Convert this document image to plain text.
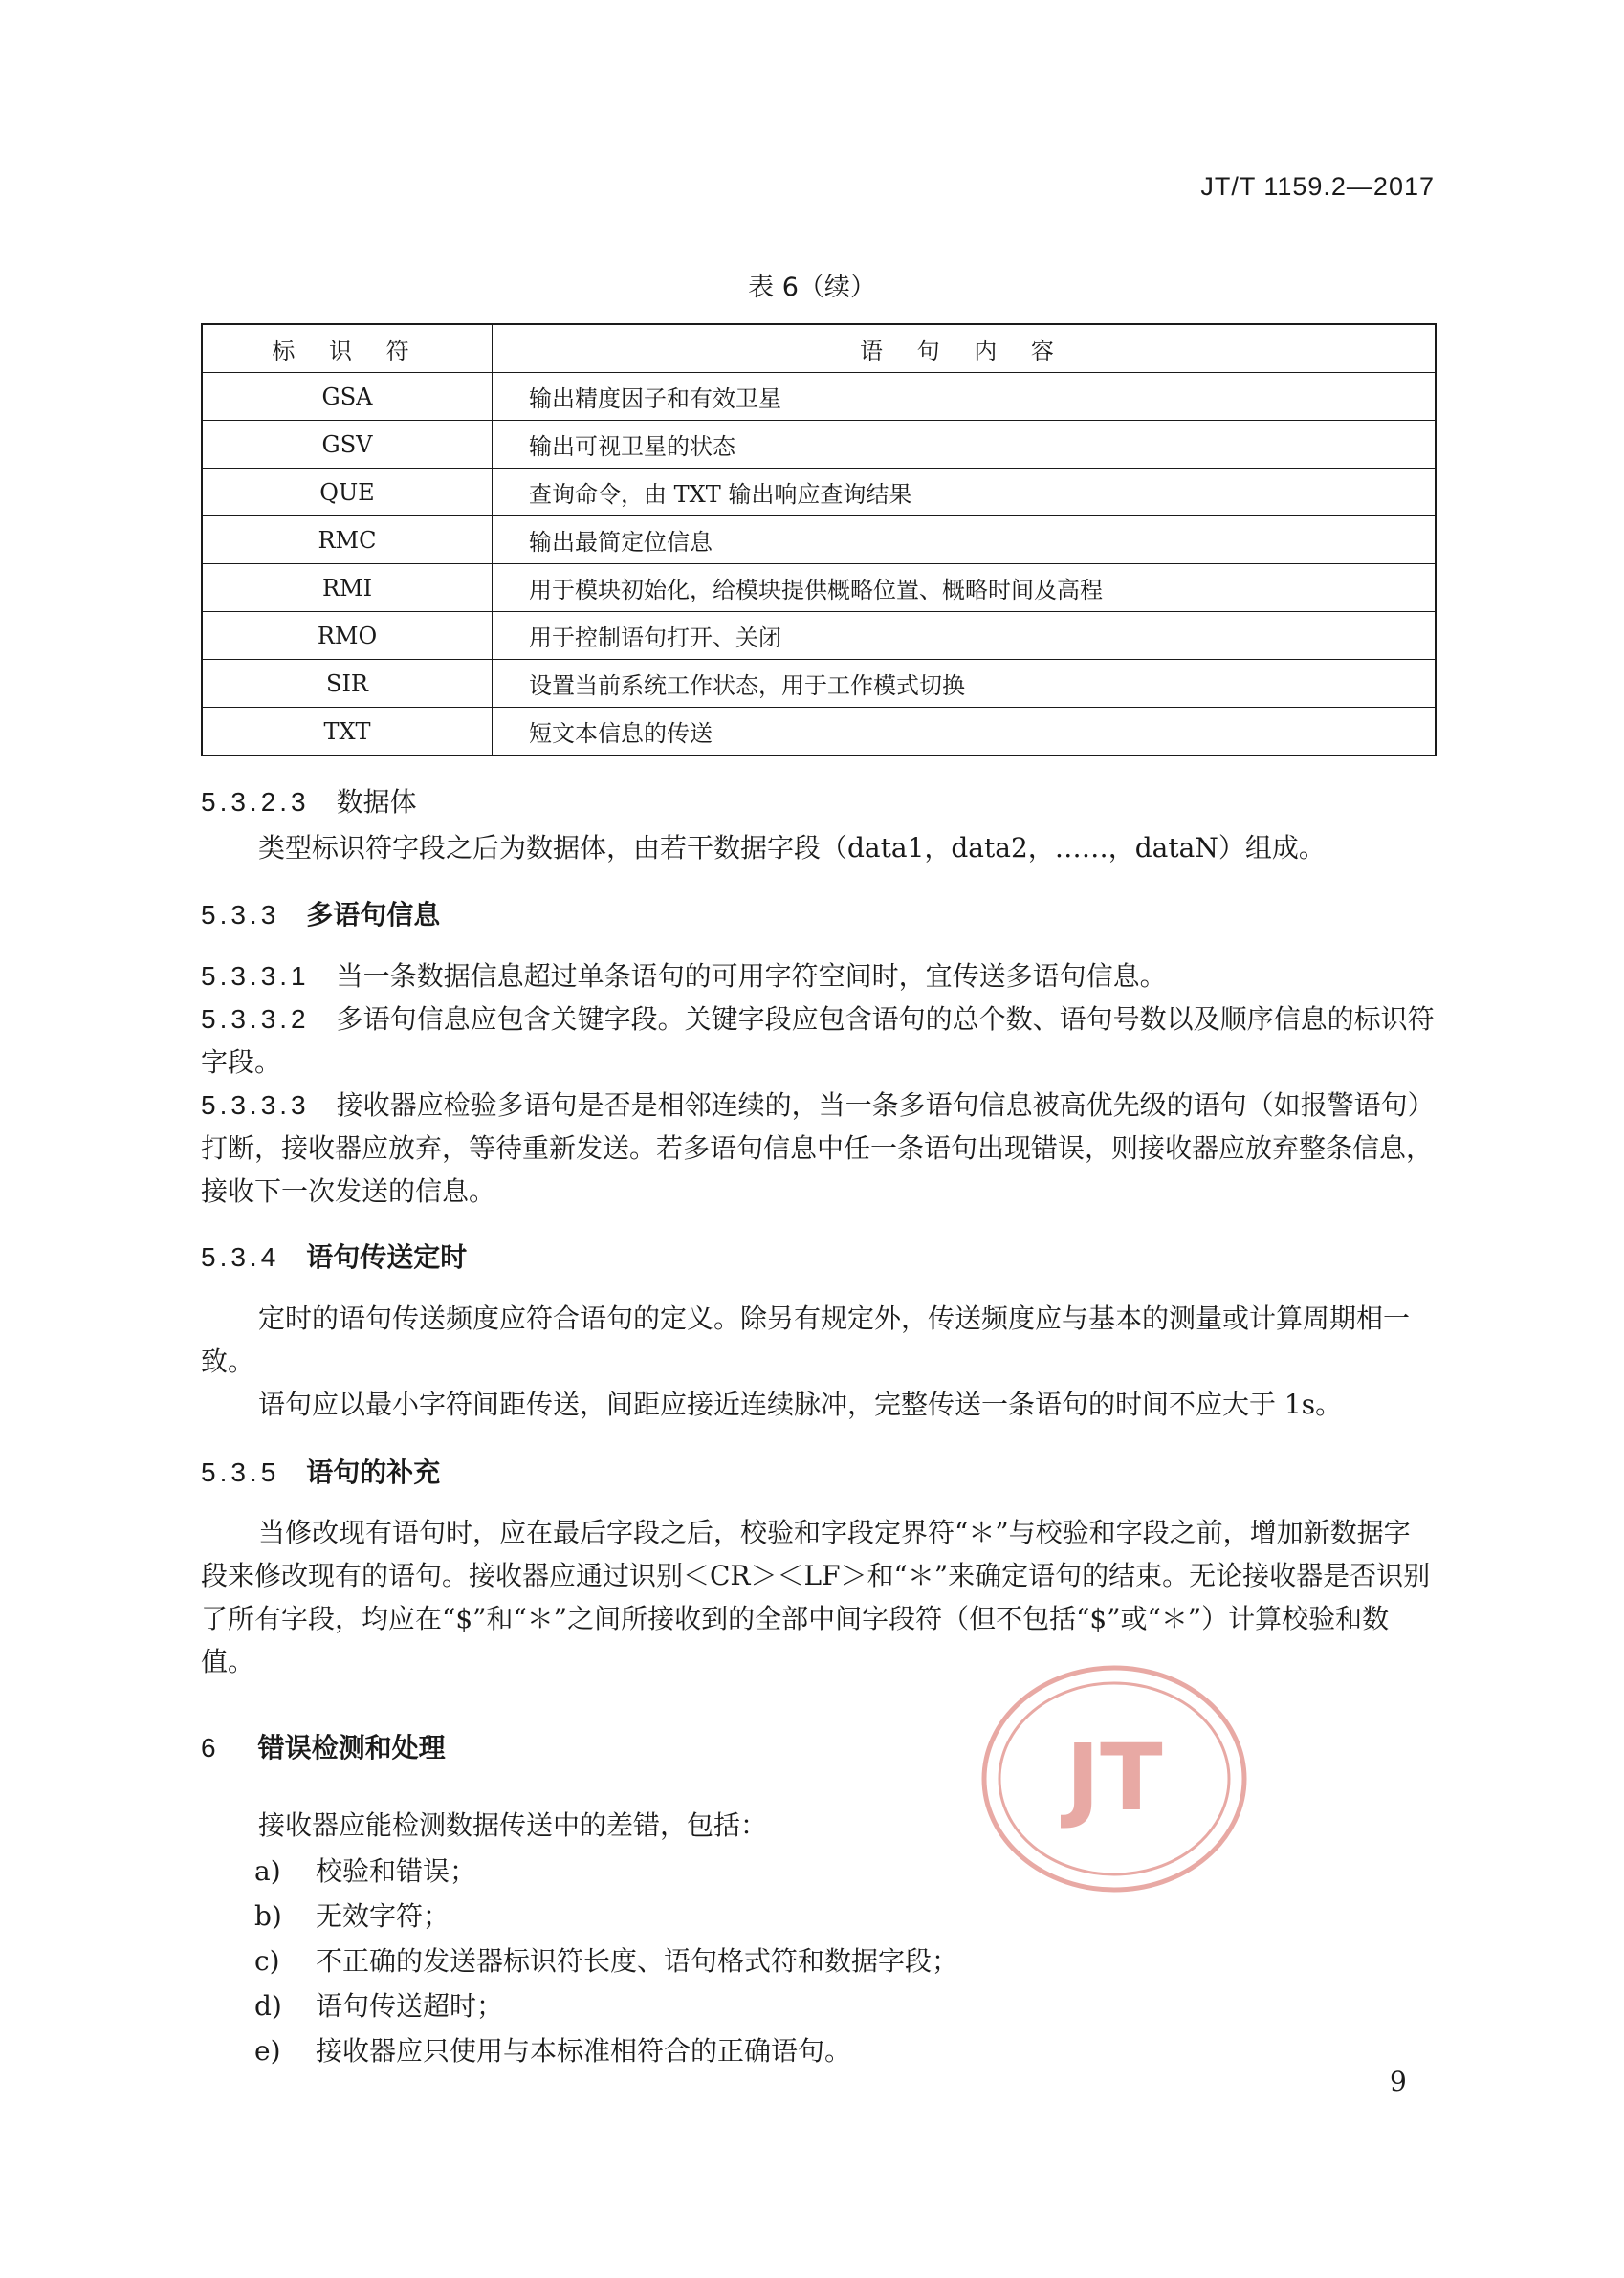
JT/T 1159.2—2017
表 6（续）
标 识 符	语 句 内 容
GSA	输出精度因子和有效卫星
GSV	输出可视卫星的状态
QUE	查询命令，由 TXT 输出响应查询结果
RMC	输出最简定位信息
RMI	用于模块初始化，给模块提供概略位置、概略时间及高程
RMO	用于控制语句打开、关闭
SIR	设置当前系统工作状态，用于工作模式切换
TXT	短文本信息的传送
5.3.2.3 数据体
类型标识符字段之后为数据体，由若干数据字段（data1，data2，……，dataN）组成。
5.3.3 多语句信息
5.3.3.1 当一条数据信息超过单条语句的可用字符空间时，宜传送多语句信息。
5.3.3.2 多语句信息应包含关键字段。关键字段应包含语句的总个数、语句号数以及顺序信息的标识符字段。
5.3.3.3 接收器应检验多语句是否是相邻连续的，当一条多语句信息被高优先级的语句（如报警语句）打断，接收器应放弃，等待重新发送。若多语句信息中任一条语句出现错误，则接收器应放弃整条信息，接收下一次发送的信息。
5.3.4 语句传送定时
定时的语句传送频度应符合语句的定义。除另有规定外，传送频度应与基本的测量或计算周期相一致。
语句应以最小字符间距传送，间距应接近连续脉冲，完整传送一条语句的时间不应大于 1s。
5.3.5 语句的补充
当修改现有语句时，应在最后字段之后，校验和字段定界符“＊”与校验和字段之前，增加新数据字段来修改现有的语句。接收器应通过识别＜CR＞＜LF＞和“＊”来确定语句的结束。无论接收器是否识别了所有字段，均应在“$”和“＊”之间所接收到的全部中间字段符（但不包括“$”或“＊”）计算校验和数值。
6 错误检测和处理
接收器应能检测数据传送中的差错，包括：
a) 校验和错误；
b) 无效字符；
c) 不正确的发送器标识符长度、语句格式符和数据字段；
d) 语句传送超时；
e) 接收器应只使用与本标准相符合的正确语句。
JT
9
